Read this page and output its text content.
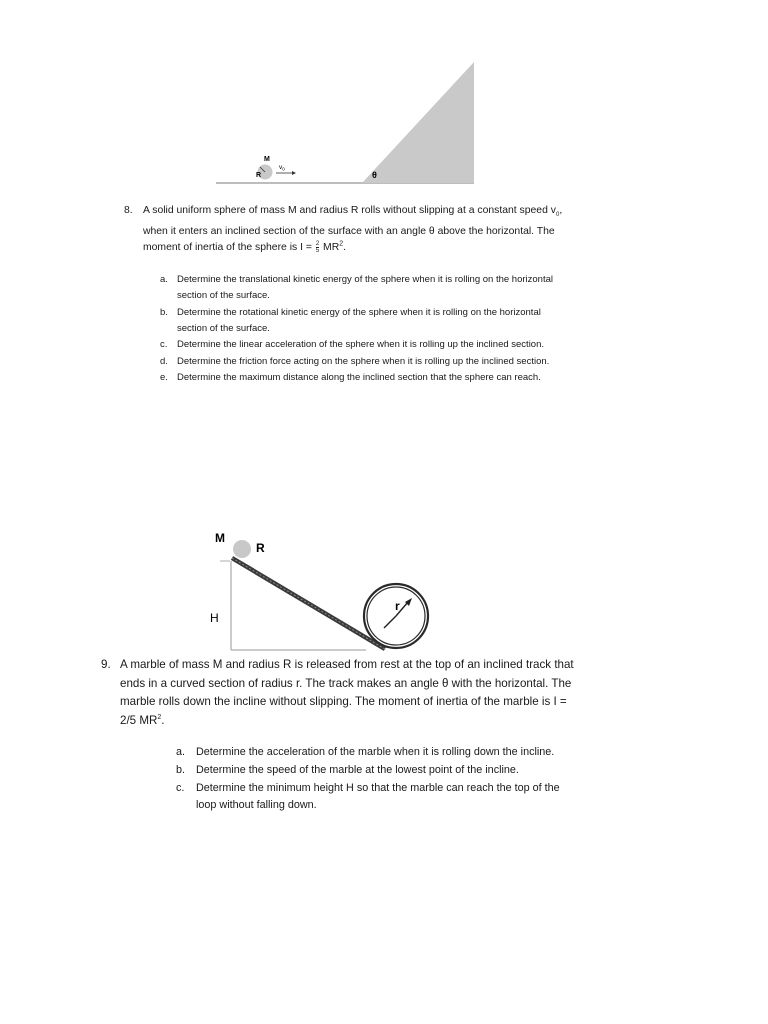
M
R
$v_0$
θ
8. A solid uniform sphere of mass M and radius R rolls without slipping at a constant speed $v_0$, when it enters an inclined section of the surface with an angle θ above the horizontal. The moment of inertia of the sphere is $I = \frac{2}{5} MR^2$.
a. Determine the translational kinetic energy of the sphere when it is rolling on the horizontal section of the surface.
b. Determine the rotational kinetic energy of the sphere when it is rolling on the horizontal section of the surface.
c.	Determine the linear acceleration of the sphere when it is rolling up the inclined section.
d. Determine the friction force acting on the sphere when it is rolling up the inclined section.
e. Determine the maximum distance along the inclined section that the sphere can reach.
r
M
R
H
9. A marble of mass M and radius R is released from rest at the top of an inclined track that ends in a curved section of radius r. The track makes an angle θ with the horizontal. The marble rolls down the incline without slipping. The moment of inertia of the marble is I = 2/5 $MR^2$.
a.	Determine the acceleration of the marble when it is rolling down the incline.
b.	Determine the speed of the marble at the lowest point of the incline.
c.	Determine the minimum height H so that the marble can reach the top of the loop without falling down.
